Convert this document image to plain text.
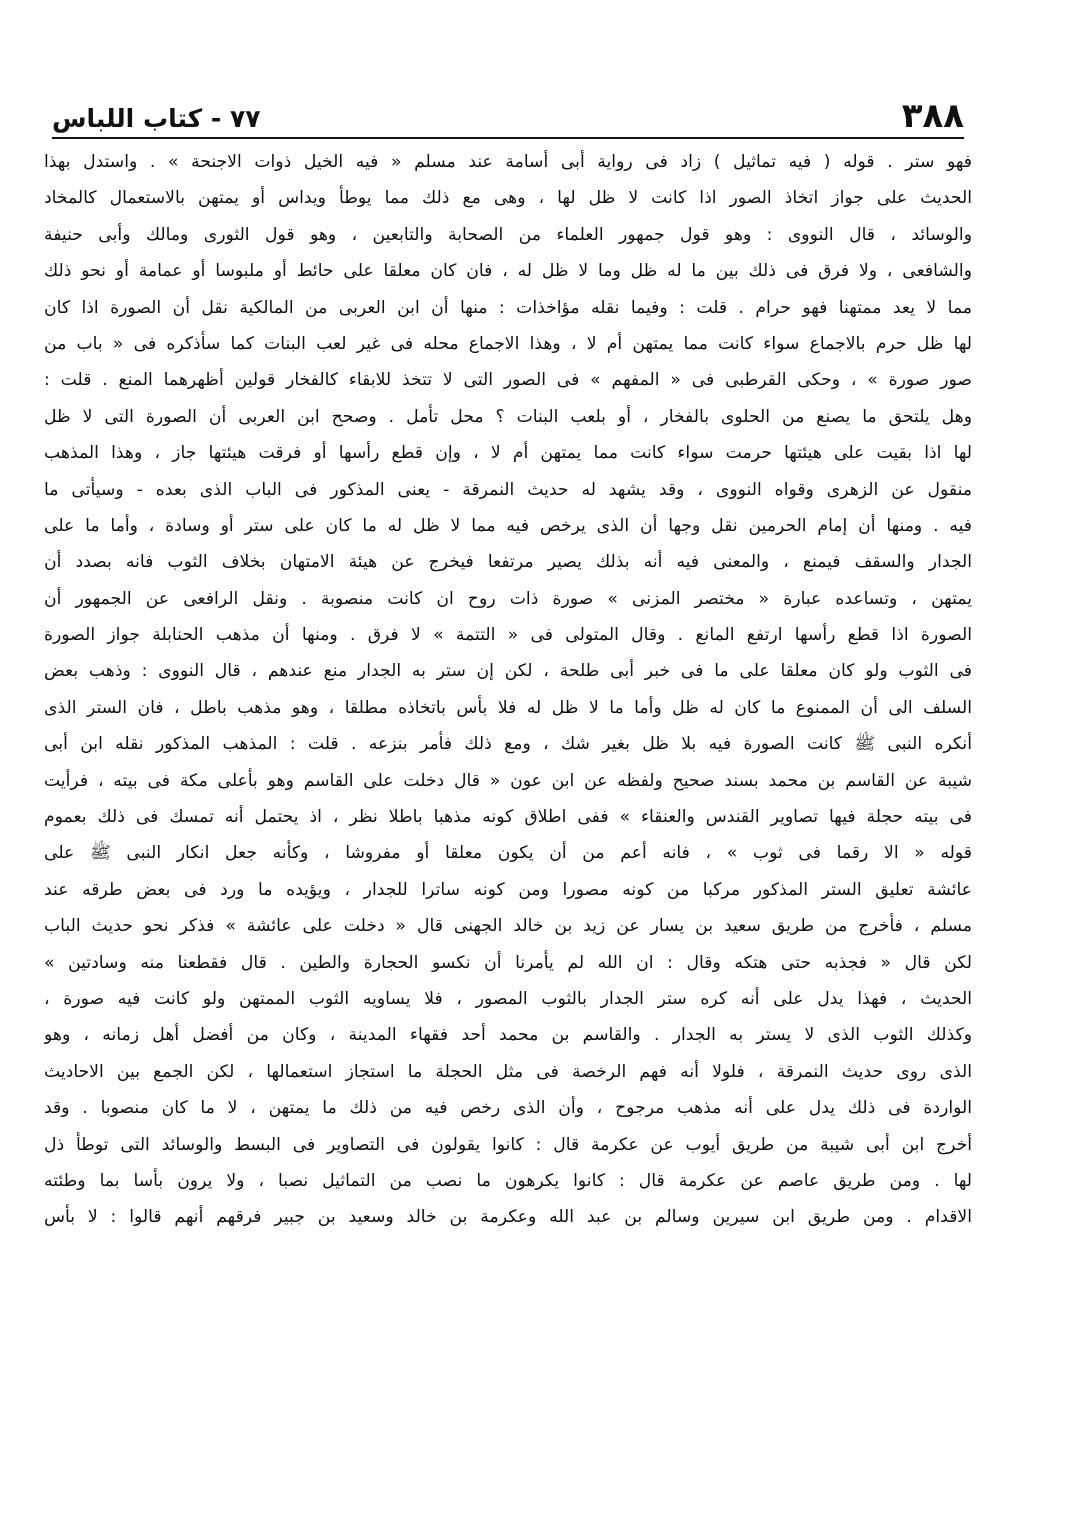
٣٨٨
٧٧ - كتاب اللباس
فهو ستر . قوله ( فيه تماثيل ) زاد فى رواية أبى أسامة عند مسلم « فيه الخيل ذوات الاجنحة » . واستدل بهذا
الحديث على جواز اتخاذ الصور اذا كانت لا ظل لها ، وهى مع ذلك مما يوطأ ويداس أو يمتهن بالاستعمال كالمخاد
والوسائد ، قال النووى : وهو قول جمهور العلماء من الصحابة والتابعين ، وهو قول الثورى ومالك وأبى حنيفة
والشافعى ، ولا فرق فى ذلك بين ما له ظل وما لا ظل له ، فان كان معلقا على حائط أو ملبوسا أو عمامة أو نحو ذلك
مما لا يعد ممتهنا فهو حرام . قلت : وفيما نقله مؤاخذات : منها أن ابن العربى من المالكية نقل أن الصورة اذا كان
لها ظل حرم بالاجماع سواء كانت مما يمتهن أم لا ، وهذا الاجماع محله فى غير لعب البنات كما سأذكره فى « باب من
صور صورة » ، وحكى القرطبى فى « المفهم » فى الصور التى لا تتخذ للابقاء كالفخار قولين أظهرهما المنع . قلت :
وهل يلتحق ما يصنع من الحلوى بالفخار ، أو بلعب البنات ؟ محل تأمل . وصحح ابن العربى أن الصورة التى لا ظل
لها اذا بقيت على هيئتها حرمت سواء كانت مما يمتهن أم لا ، وإن قطع رأسها أو فرقت هيئتها جاز ، وهذا المذهب
منقول عن الزهرى وقواه النووى ، وقد يشهد له حديث النمرقة - يعنى المذكور فى الباب الذى بعده - وسيأتى ما
فيه . ومنها أن إمام الحرمين نقل وجها أن الذى يرخص فيه مما لا ظل له ما كان على ستر أو وسادة ، وأما ما على
الجدار والسقف فيمنع ، والمعنى فيه أنه بذلك يصير مرتفعا فيخرج عن هيئة الامتهان بخلاف الثوب فانه بصدد أن
يمتهن ، وتساعده عبارة « مختصر المزنى » صورة ذات روح ان كانت منصوبة . ونقل الرافعى عن الجمهور أن
الصورة اذا قطع رأسها ارتفع المانع . وقال المتولى فى « التتمة » لا فرق . ومنها أن مذهب الحنابلة جواز الصورة
فى الثوب ولو كان معلقا على ما فى خبر أبى طلحة ، لكن إن ستر به الجدار منع عندهم ، قال النووى : وذهب بعض
السلف الى أن الممنوع ما كان له ظل وأما ما لا ظل له فلا بأس باتخاذه مطلقا ، وهو مذهب باطل ، فان الستر الذى
أنكره النبى ﷺ كانت الصورة فيه بلا ظل بغير شك ، ومع ذلك فأمر بنزعه . قلت : المذهب المذكور نقله ابن أبى
شيبة عن القاسم بن محمد بسند صحيح ولفظه عن ابن عون « قال دخلت على القاسم وهو بأعلى مكة فى بيته ، فرأيت
فى بيته حجلة فيها تصاوير القندس والعنقاء » ففى اطلاق كونه مذهبا باطلا نظر ، اذ يحتمل أنه تمسك فى ذلك بعموم
قوله « الا رقما فى ثوب » ، فانه أعم من أن يكون معلقا أو مفروشا ، وكأنه جعل انكار النبى ﷺ على
عائشة تعليق الستر المذكور مركبا من كونه مصورا ومن كونه ساترا للجدار ، ويؤيده ما ورد فى بعض طرقه عند
مسلم ، فأخرج من طريق سعيد بن يسار عن زيد بن خالد الجهنى قال « دخلت على عائشة » فذكر نحو حديث الباب
لكن قال « فجذبه حتى هتكه وقال : ان الله لم يأمرنا أن نكسو الحجارة والطين . قال فقطعنا منه وسادتين »
الحديث ، فهذا يدل على أنه كره ستر الجدار بالثوب المصور ، فلا يساويه الثوب الممتهن ولو كانت فيه صورة ،
وكذلك الثوب الذى لا يستر به الجدار . والقاسم بن محمد أحد فقهاء المدينة ، وكان من أفضل أهل زمانه ، وهو
الذى روى حديث النمرقة ، فلولا أنه فهم الرخصة فى مثل الحجلة ما استجاز استعمالها ، لكن الجمع بين الاحاديث
الواردة فى ذلك يدل على أنه مذهب مرجوح ، وأن الذى رخص فيه من ذلك ما يمتهن ، لا ما كان منصوبا . وقد
أخرج ابن أبى شيبة من طريق أيوب عن عكرمة قال : كانوا يقولون فى التصاوير فى البسط والوسائد التى توطأ ذل
لها . ومن طريق عاصم عن عكرمة قال : كانوا يكرهون ما نصب من التماثيل نصبا ، ولا يرون بأسا بما وطئته
الاقدام . ومن طريق ابن سيرين وسالم بن عبد الله وعكرمة بن خالد وسعيد بن جبير فرقهم أنهم قالوا : لا بأس
